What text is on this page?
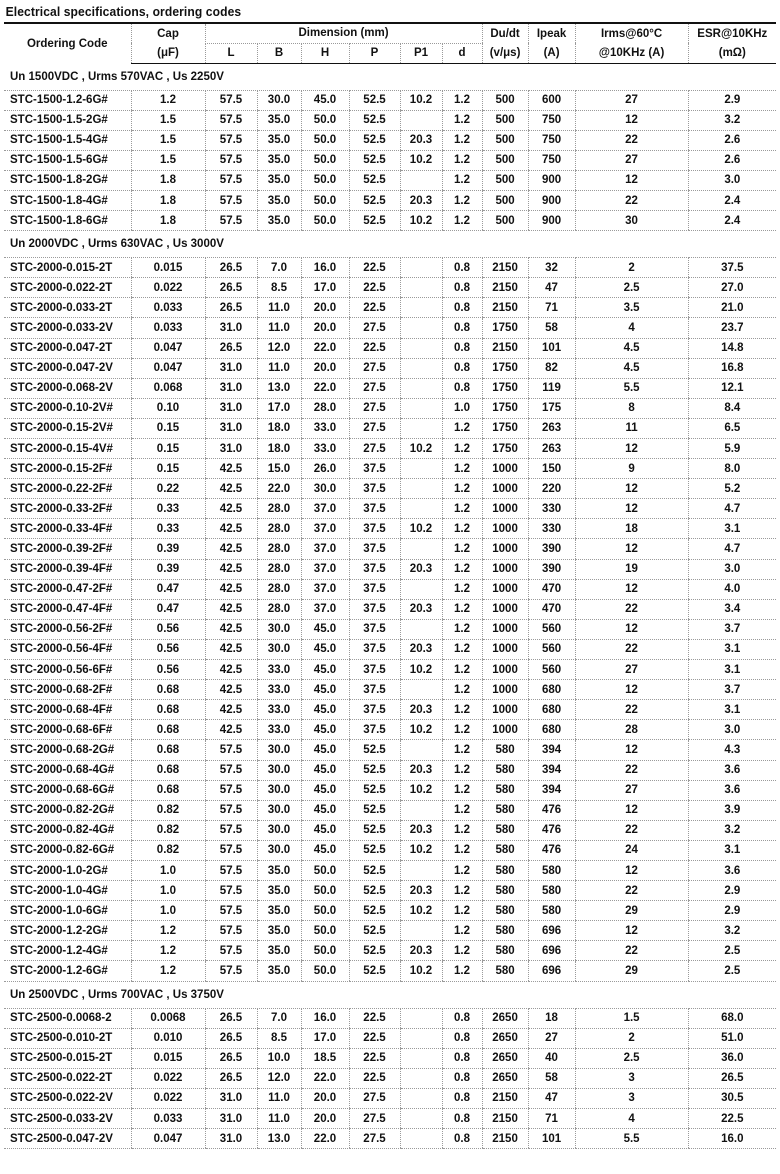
Electrical specifications, ordering codes
Ordering Code	Cap	Dimension (mm)						Du/dt	Ipeak	Irms@60°C	ESR@10KHz
	(μF)	L	B	H	P	P1	d	(v/μs)	(A)	@10KHz (A)	(mΩ)
Un 1500VDC , Urms 570VAC , Us 2250V											
STC-1500-1.2-6G#	1.2	57.5	30.0	45.0	52.5	10.2	1.2	500	600	27	2.9
STC-1500-1.5-2G#	1.5	57.5	35.0	50.0	52.5		1.2	500	750	12	3.2
STC-1500-1.5-4G#	1.5	57.5	35.0	50.0	52.5	20.3	1.2	500	750	22	2.6
STC-1500-1.5-6G#	1.5	57.5	35.0	50.0	52.5	10.2	1.2	500	750	27	2.6
STC-1500-1.8-2G#	1.8	57.5	35.0	50.0	52.5		1.2	500	900	12	3.0
STC-1500-1.8-4G#	1.8	57.5	35.0	50.0	52.5	20.3	1.2	500	900	22	2.4
STC-1500-1.8-6G#	1.8	57.5	35.0	50.0	52.5	10.2	1.2	500	900	30	2.4
Un 2000VDC , Urms 630VAC , Us 3000V											
STC-2000-0.015-2T	0.015	26.5	7.0	16.0	22.5		0.8	2150	32	2	37.5
STC-2000-0.022-2T	0.022	26.5	8.5	17.0	22.5		0.8	2150	47	2.5	27.0
STC-2000-0.033-2T	0.033	26.5	11.0	20.0	22.5		0.8	2150	71	3.5	21.0
STC-2000-0.033-2V	0.033	31.0	11.0	20.0	27.5		0.8	1750	58	4	23.7
STC-2000-0.047-2T	0.047	26.5	12.0	22.0	22.5		0.8	2150	101	4.5	14.8
STC-2000-0.047-2V	0.047	31.0	11.0	20.0	27.5		0.8	1750	82	4.5	16.8
STC-2000-0.068-2V	0.068	31.0	13.0	22.0	27.5		0.8	1750	119	5.5	12.1
STC-2000-0.10-2V#	0.10	31.0	17.0	28.0	27.5		1.0	1750	175	8	8.4
STC-2000-0.15-2V#	0.15	31.0	18.0	33.0	27.5		1.2	1750	263	11	6.5
STC-2000-0.15-4V#	0.15	31.0	18.0	33.0	27.5	10.2	1.2	1750	263	12	5.9
STC-2000-0.15-2F#	0.15	42.5	15.0	26.0	37.5		1.2	1000	150	9	8.0
STC-2000-0.22-2F#	0.22	42.5	22.0	30.0	37.5		1.2	1000	220	12	5.2
STC-2000-0.33-2F#	0.33	42.5	28.0	37.0	37.5		1.2	1000	330	12	4.7
STC-2000-0.33-4F#	0.33	42.5	28.0	37.0	37.5	10.2	1.2	1000	330	18	3.1
STC-2000-0.39-2F#	0.39	42.5	28.0	37.0	37.5		1.2	1000	390	12	4.7
STC-2000-0.39-4F#	0.39	42.5	28.0	37.0	37.5	20.3	1.2	1000	390	19	3.0
STC-2000-0.47-2F#	0.47	42.5	28.0	37.0	37.5		1.2	1000	470	12	4.0
STC-2000-0.47-4F#	0.47	42.5	28.0	37.0	37.5	20.3	1.2	1000	470	22	3.4
STC-2000-0.56-2F#	0.56	42.5	30.0	45.0	37.5		1.2	1000	560	12	3.7
STC-2000-0.56-4F#	0.56	42.5	30.0	45.0	37.5	20.3	1.2	1000	560	22	3.1
STC-2000-0.56-6F#	0.56	42.5	33.0	45.0	37.5	10.2	1.2	1000	560	27	3.1
STC-2000-0.68-2F#	0.68	42.5	33.0	45.0	37.5		1.2	1000	680	12	3.7
STC-2000-0.68-4F#	0.68	42.5	33.0	45.0	37.5	20.3	1.2	1000	680	22	3.1
STC-2000-0.68-6F#	0.68	42.5	33.0	45.0	37.5	10.2	1.2	1000	680	28	3.0
STC-2000-0.68-2G#	0.68	57.5	30.0	45.0	52.5		1.2	580	394	12	4.3
STC-2000-0.68-4G#	0.68	57.5	30.0	45.0	52.5	20.3	1.2	580	394	22	3.6
STC-2000-0.68-6G#	0.68	57.5	30.0	45.0	52.5	10.2	1.2	580	394	27	3.6
STC-2000-0.82-2G#	0.82	57.5	30.0	45.0	52.5		1.2	580	476	12	3.9
STC-2000-0.82-4G#	0.82	57.5	30.0	45.0	52.5	20.3	1.2	580	476	22	3.2
STC-2000-0.82-6G#	0.82	57.5	30.0	45.0	52.5	10.2	1.2	580	476	24	3.1
STC-2000-1.0-2G#	1.0	57.5	35.0	50.0	52.5		1.2	580	580	12	3.6
STC-2000-1.0-4G#	1.0	57.5	35.0	50.0	52.5	20.3	1.2	580	580	22	2.9
STC-2000-1.0-6G#	1.0	57.5	35.0	50.0	52.5	10.2	1.2	580	580	29	2.9
STC-2000-1.2-2G#	1.2	57.5	35.0	50.0	52.5		1.2	580	696	12	3.2
STC-2000-1.2-4G#	1.2	57.5	35.0	50.0	52.5	20.3	1.2	580	696	22	2.5
STC-2000-1.2-6G#	1.2	57.5	35.0	50.0	52.5	10.2	1.2	580	696	29	2.5
Un 2500VDC , Urms 700VAC , Us 3750V											
STC-2500-0.0068-2	0.0068	26.5	7.0	16.0	22.5		0.8	2650	18	1.5	68.0
STC-2500-0.010-2T	0.010	26.5	8.5	17.0	22.5		0.8	2650	27	2	51.0
STC-2500-0.015-2T	0.015	26.5	10.0	18.5	22.5		0.8	2650	40	2.5	36.0
STC-2500-0.022-2T	0.022	26.5	12.0	22.0	22.5		0.8	2650	58	3	26.5
STC-2500-0.022-2V	0.022	31.0	11.0	20.0	27.5		0.8	2150	47	3	30.5
STC-2500-0.033-2V	0.033	31.0	11.0	20.0	27.5		0.8	2150	71	4	22.5
STC-2500-0.047-2V	0.047	31.0	13.0	22.0	27.5		0.8	2150	101	5.5	16.0
